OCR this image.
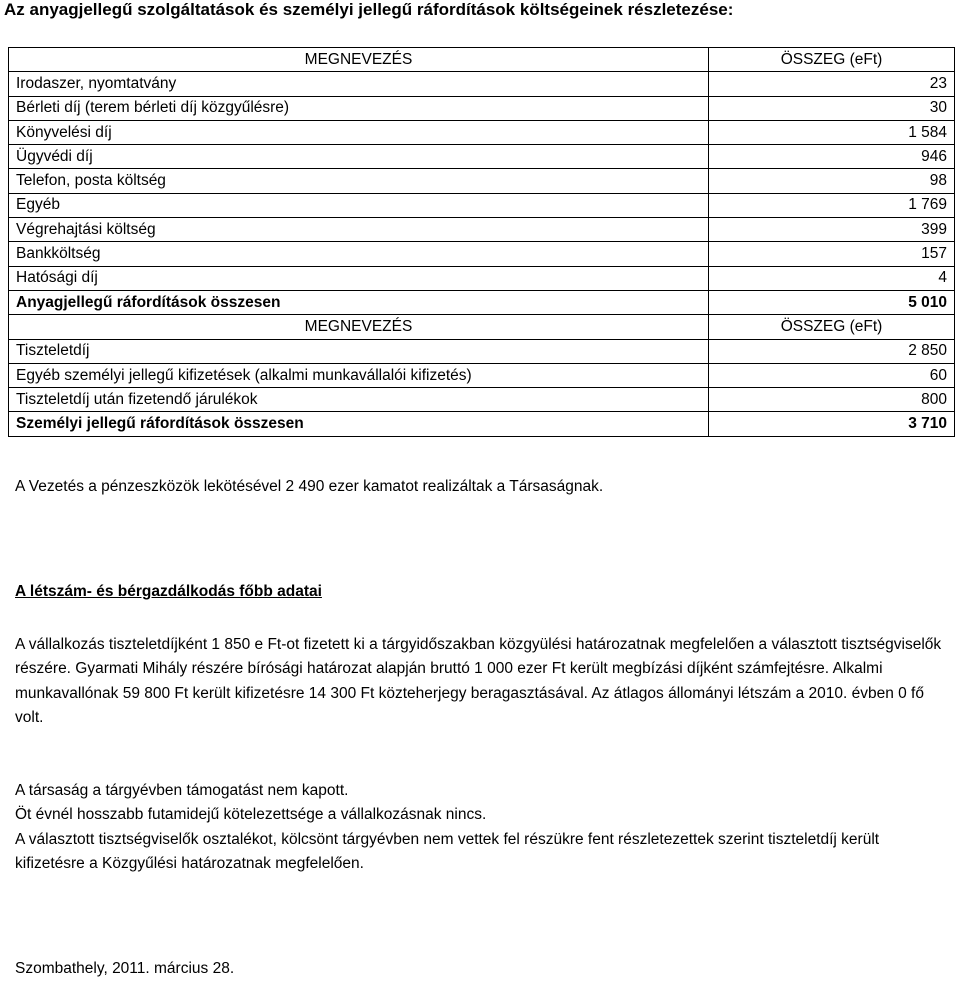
Az anyagjellegű szolgáltatások és személyi jellegű ráfordítások költségeinek részletezése:
MEGNEVEZÉS	ÖSSZEG (eFt)
Irodaszer, nyomtatvány	23
Bérleti díj (terem bérleti díj közgyűlésre)	30
Könyvelési díj	1 584
Ügyvédi díj	946
Telefon, posta költség	98
Egyéb	1 769
Végrehajtási költség	399
Bankköltség	157
Hatósági díj	4
Anyagjellegű ráfordítások összesen	5 010
MEGNEVEZÉS	ÖSSZEG (eFt)
Tiszteletdíj	2 850
Egyéb személyi jellegű kifizetések (alkalmi munkavállalói kifizetés)	60
Tiszteletdíj után fizetendő járulékok	800
Személyi jellegű ráfordítások összesen	3 710

A Vezetés a pénzeszközök lekötésével 2 490 ezer kamatot realizáltak a Társaságnak.

A létszám- és bérgazdálkodás főbb adatai

A vállalkozás tiszteletdíjként 1 850 e Ft-ot fizetett ki a tárgyidőszakban közgyülési határozatnak megfelelően a választott tisztségviselők részére. Gyarmati Mihály részére bírósági határozat alapján bruttó 1 000 ezer Ft került megbízási díjként számfejtésre. Alkalmi munkavallónak 59 800 Ft került kifizetésre 14 300 Ft közteherjegy beragasztásával. Az átlagos állományi létszám a 2010. évben 0 fő volt.

A társaság a tárgyévben támogatást nem kapott.

Öt évnél hosszabb futamidejű kötelezettsége a vállalkozásnak nincs.

A választott tisztségviselők osztalékot, kölcsönt tárgyévben nem vettek fel részükre fent részletezettek szerint tiszteletdíj került kifizetésre a Közgyűlési határozatnak megfelelően.

Szombathely, 2011. március 28.
